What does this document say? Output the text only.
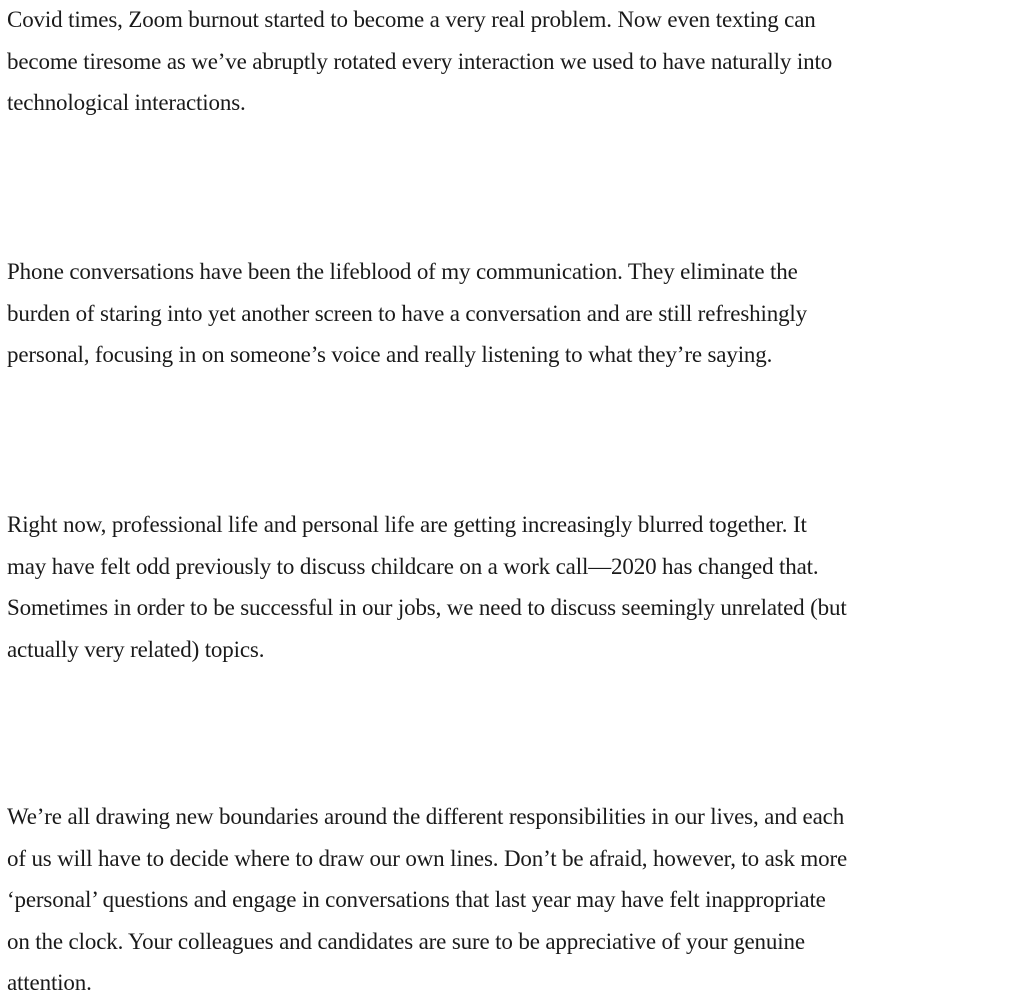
Covid times, Zoom burnout started to become a very real problem. Now even texting can
become tiresome as we’ve abruptly rotated every interaction we used to have naturally into
technological interactions.

Phone conversations have been the lifeblood of my communication. They eliminate the
burden of staring into yet another screen to have a conversation and are still refreshingly
personal, focusing in on someone’s voice and really listening to what they’re saying.

Right now, professional life and personal life are getting increasingly blurred together. It
may have felt odd previously to discuss childcare on a work call—2020 has changed that.
Sometimes in order to be successful in our jobs, we need to discuss seemingly unrelated (but
actually very related) topics.

We’re all drawing new boundaries around the different responsibilities in our lives, and each
of us will have to decide where to draw our own lines. Don’t be afraid, however, to ask more
‘personal’ questions and engage in conversations that last year may have felt inappropriate
on the clock. Your colleagues and candidates are sure to be appreciative of your genuine
attention.
